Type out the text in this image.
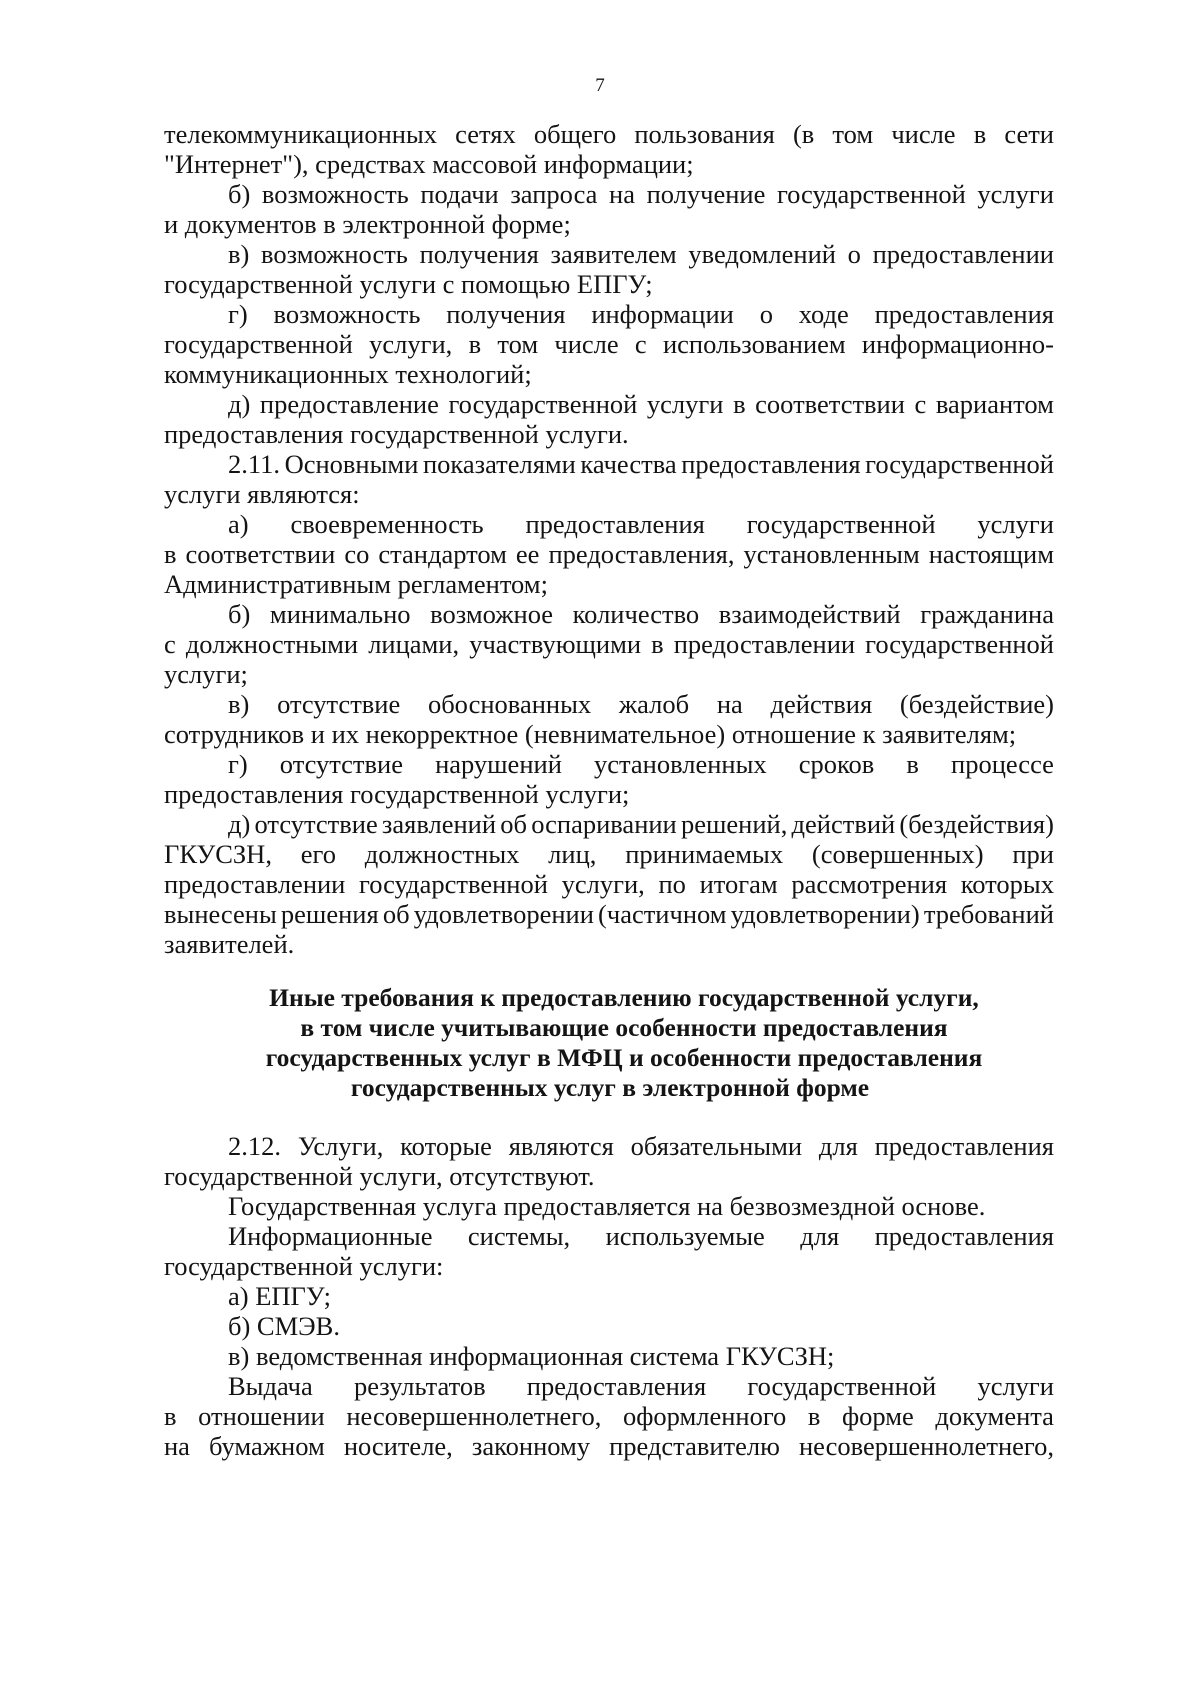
7
телекоммуникационных сетях общего пользования (в том числе в сети
"Интернет"), средствах массовой информации;
б) возможность подачи запроса на получение государственной услуги
и документов в электронной форме;
в) возможность получения заявителем уведомлений о предоставлении
государственной услуги с помощью ЕПГУ;
г) возможность получения информации о ходе предоставления
государственной услуги, в том числе с использованием информационно-
коммуникационных технологий;
д) предоставление государственной услуги в соответствии с вариантом
предоставления государственной услуги.
2.11. Основными показателями качества предоставления государственной
услуги являются:
а) своевременность предоставления государственной услуги
в соответствии со стандартом ее предоставления, установленным настоящим
Административным регламентом;
б) минимально возможное количество взаимодействий гражданина
с должностными лицами, участвующими в предоставлении государственной
услуги;
в) отсутствие обоснованных жалоб на действия (бездействие)
сотрудников и их некорректное (невнимательное) отношение к заявителям;
г) отсутствие нарушений установленных сроков в процессе
предоставления государственной услуги;
д) отсутствие заявлений об оспаривании решений, действий (бездействия)
ГКУСЗН, его должностных лиц, принимаемых (совершенных) при
предоставлении государственной услуги, по итогам рассмотрения которых
вынесены решения об удовлетворении (частичном удовлетворении) требований
заявителей.
Иные требования к предоставлению государственной услуги,
в том числе учитывающие особенности предоставления
государственных услуг в МФЦ и особенности предоставления
государственных услуг в электронной форме
2.12. Услуги, которые являются обязательными для предоставления
государственной услуги, отсутствуют.
Государственная услуга предоставляется на безвозмездной основе.
Информационные системы, используемые для предоставления
государственной услуги:
а) ЕПГУ;
б) СМЭВ.
в) ведомственная информационная система ГКУСЗН;
Выдача результатов предоставления государственной услуги
в отношении несовершеннолетнего, оформленного в форме документа
на бумажном носителе, законному представителю несовершеннолетнего,
